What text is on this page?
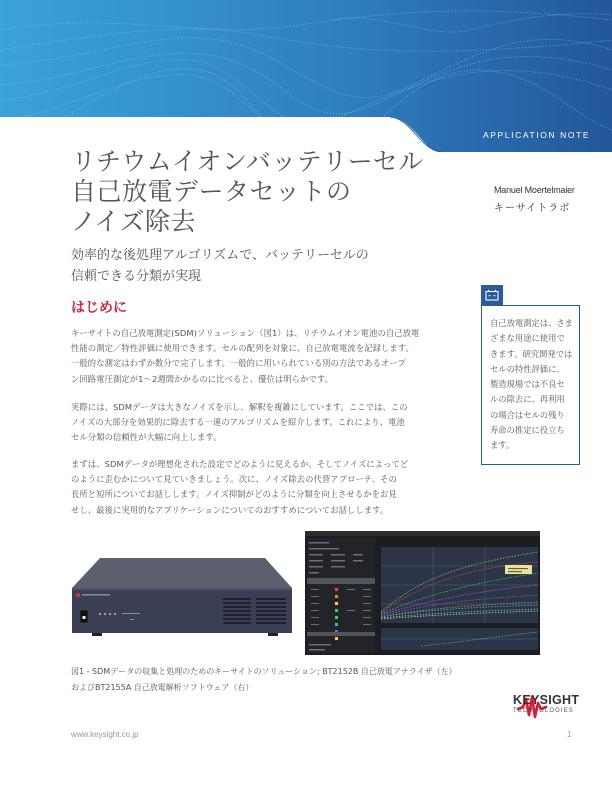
APPLICATION NOTE
リチウムイオンバッテリーセル
自己放電データセットの
ノイズ除去
効率的な後処理アルゴリズムで、バッテリーセルの
信頼できる分類が実現
Manuel Moertelmaier
キーサイトラボ
はじめに
キーサイトの自己放電測定(SDM)ソリューション（図1）は、リチウムイオン電池の自己放電
性能の測定／特性評価に使用できます。セルの配列を対象に、自己放電電流を記録します。
一般的な測定はわずか数分で完了します。一般的に用いられている別の方法であるオープ
ン回路電圧測定が1～2週間かかるのに比べると、優位は明らかです。
実際には、SDMデータは大きなノイズを示し、解釈を複雑にしています。ここでは、この
ノイズの大部分を効果的に除去する一連のアルゴリズムを紹介します。これにより、電池
セル分類の信頼性が大幅に向上します。
まずは、SDMデータが理想化された設定でどのように見えるか、そしてノイズによってど
のように歪むかについて見ていきましょう。次に、ノイズ除去の代替アプローチ、その
長所と短所についてお話しします。ノイズ抑制がどのように分類を向上させるかをお見
せし、最後に実用的なアプリケーションについてのおすすめについてお話しします。
自己放電測定は、さま
ざまな用途に使用で
きます。研究開発では
セルの特性評価に、
製造現場では不良セ
ルの除去に、再利用
の場合はセルの残り
寿命の推定に役立ち
ます。
図1 - SDMデータの収集と処理のためのキーサイトのソリューション; BT2152B 自己放電アナライザ（左）
およびBT2155A 自己放電解析ソフトウェア（右）
KEYSIGHT
TECHNOLOGIES
www.keysight.co.jp	1
